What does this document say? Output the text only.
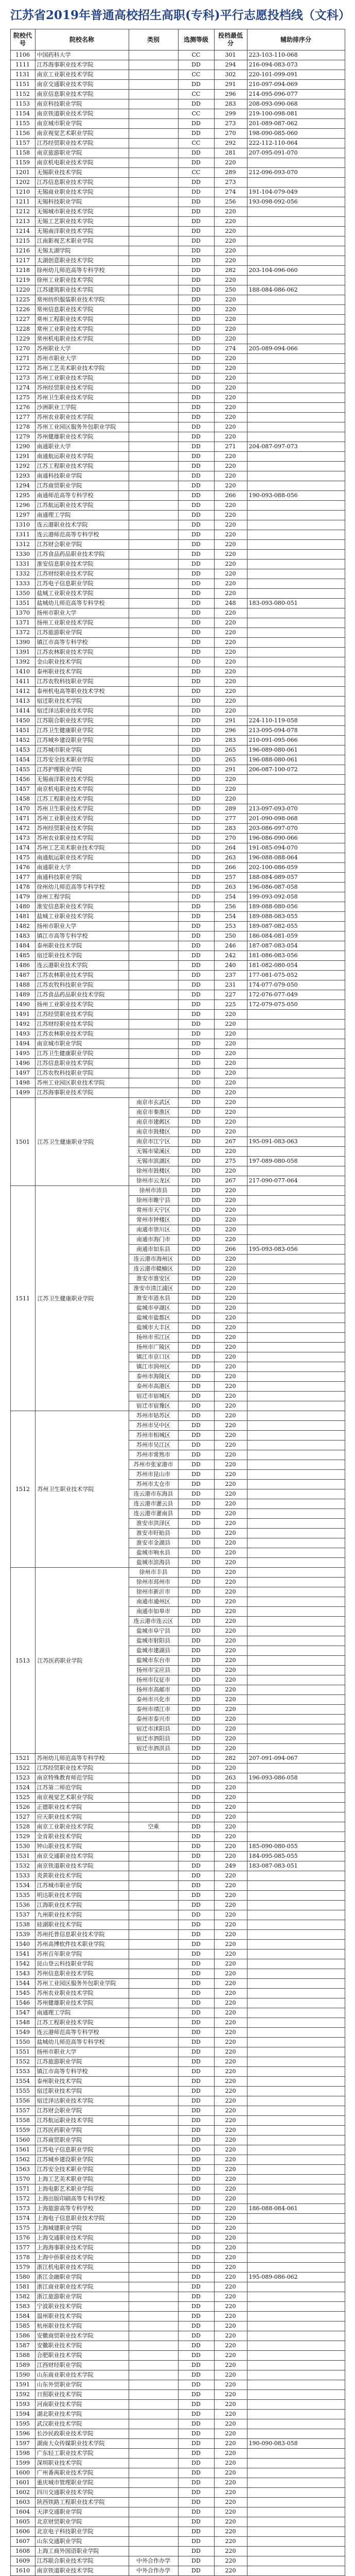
江苏省2019年普通高校招生高职(专科)平行志愿投档线（文科）
院校代号	院校名称	类别	选测等级	投档最低分	辅助排序分
1106	中国药科大学		CC	301	223-103-110-068
1111	江苏海事职业技术学院		DD	294	216-094-083-073
1131	南京工业职业技术学院		CC	302	220-101-099-091
1151	南京交通职业技术学院		DD	291	210-097-094-069
1152	南京信息职业技术学院		CC	296	214-095-096-077
1153	南京科技职业学院		DD	283	208-093-090-068
1154	南京铁道职业技术学院		CC	299	219-100-098-081
1155	南京城市职业学院		DD	273	201-089-087-062
1156	南京视觉艺术职业学院		DD	270	198-090-085-060
1157	江苏经贸职业技术学院		CC	292	222-112-110-064
1158	南京旅游职业学院		DD	281	207-095-091-070
1159	南京机电职业技术学院		DD	220	
1201	无锡职业技术学院		CC	289	212-096-093-070
1202	江苏信息职业技术学院		DD	273	
1210	无锡商业职业技术学院		DD	274	191-104-079-049
1211	无锡科技职业学院		DD	256	193-098-092-056
1212	无锡城市职业技术学院		DD	220	
1213	无锡工艺职业技术学院		DD	220	
1214	无锡南洋职业技术学院		DD	220	
1215	江南影视艺术职业学院		DD	220	
1216	无锡太湖学院		DD	220	
1217	太湖创意职业技术学院		DD	220	
1218	徐州幼儿师范高等专科学校		DD	282	203-104-096-060
1219	徐州工业职业技术学院		DD	220	
1220	江苏建筑职业技术学院		DD	250	188-084-086-062
1225	常州纺织服装职业技术学院		DD	220	
1226	常州信息职业技术学院		DD	220	
1227	常州工程职业技术学院		DD	220	
1228	常州工业职业技术学院		DD	220	
1229	常州机电职业技术学院		DD	220	
1270	苏州职业大学		DD	274	205-089-094-066
1271	苏州市职业大学		DD	220	
1272	苏州工艺美术职业技术学院		DD	220	
1273	苏州工业职业技术学院		DD	220	
1274	苏州经贸职业技术学院		DD	220	
1275	苏州卫生职业技术学院		DD	220	
1276	沙洲职业工学院		DD	220	
1277	苏州农业职业技术学院		DD	220	
1278	苏州工业园区服务外包职业学院		DD	220	
1279	苏州健雄职业技术学院		DD	220	
1290	南通职业大学		DD	271	204-087-097-073
1291	南通航运职业技术学院		DD	220	
1292	江苏工程职业技术学院		DD	220	
1293	南通科技职业学院		DD	220	
1294	江苏商贸职业学院		DD	220	
1295	南通师范高等专科学校		DD	266	190-093-088-056
1296	江苏航运职业技术学院		DD	220	
1297	南通理工学院		DD	220	
1310	连云港职业技术学院		DD	220	
1311	连云港师范高等专科学校		DD	220	
1312	江苏财会职业学院		DD	220	
1330	江苏食品药品职业技术学院		DD	220	
1331	淮安信息职业技术学院		DD	220	
1332	江苏财经职业技术学院		DD	220	
1333	江苏电子信息职业学院		DD	220	
1350	盐城工业职业技术学院		DD	220	
1351	盐城幼儿师范高等专科学校		DD	248	183-093-080-051
1370	扬州市职业大学		DD	220	
1371	扬州工业职业技术学院		DD	220	
1372	江苏旅游职业学院		DD	220	
1390	镇江市高等专科学校		DD	220	
1391	江苏农林职业技术学院		DD	220	
1392	金山职业技术学院		DD	220	
1410	泰州职业技术学院		DD	220	
1411	江苏农牧科技职业学院		DD	220	
1412	泰州机电高等职业技术学校		DD	220	
1413	宿迁职业技术学院		DD	220	
1414	宿迁泽达职业技术学院		DD	220	
1450	江苏联合职业技术学院		DD	291	224-110-119-058
1451	江苏卫生健康职业学院		DD	296	213-095-094-078
1452	江苏城乡建设职业学院		DD	283	210-091-095-066
1453	江苏城市职业学院		DD	265	196-089-080-061
1454	江苏安全技术职业学院		DD	265	196-088-080-061
1455	江苏护理职业学院		DD	291	206-087-100-072
1456	无锡南洋职业技术学院		DD	220	
1457	南京机电职业技术学院		DD	220	
1458	江苏工程职业技术学院		DD	220	
1470	苏州卫生职业技术学院		DD	289	213-097-093-070
1471	苏州工业职业技术学院		DD	277	201-090-098-068
1472	苏州经贸职业技术学院		DD	283	203-086-097-070
1473	苏州农业职业技术学院		DD	270	196-086-090-066
1474	苏州工艺美术职业技术学院		DD	264	191-085-094-070
1475	南通航运职业技术学院		DD	263	196-088-088-064
1476	南通职业大学		DD	266	202-100-086-059
1477	南通科技职业学院		DD	257	188-084-089-057
1478	徐州幼儿师范高等专科学校		DD	263	196-086-087-058
1479	徐州工程学院		DD	254	199-093-092-058
1480	淮安信息职业技术学院		DD	256	189-088-080-056
1481	盐城工业职业技术学院		DD	254	189-088-083-055
1482	扬州市职业大学		DD	253	189-087-082-055
1483	镇江市高等专科学校		DD	250	186-084-081-059
1484	泰州职业技术学院		DD	246	187-087-083-054
1485	宿迁职业技术学院		DD	242	181-086-083-056
1486	连云港职业技术学院		DD	240	181-082-080-054
1487	江苏农林职业技术学院		DD	237	177-081-075-052
1488	江苏农牧科技职业学院		DD	231	174-077-079-050
1489	江苏食品药品职业技术学院		DD	227	172-076-077-049
1490	扬州工业职业技术学院		DD	225	172-079-075-050
1491	江苏经贸职业技术学院		DD	220	
1492	江苏财经职业技术学院		DD	220	
1493	江苏农林职业技术学院		DD	220	
1494	南京城市职业学院		DD	220	
1495	江苏卫生健康职业学院		DD	220	
1496	江苏信息职业技术学院		DD	220	
1497	江苏农牧科技职业学院		DD	220	
1498	苏州工业园区职业技术学院		DD	220	
1499	江苏海事职业技术学院		DD	220	
1501	江苏卫生健康职业学院	南京市玄武区	DD	220	
		南京市秦淮区	DD	220	
		南京市建邺区	DD	220	
		南京市鼓楼区	DD	220	
		南京市江宁区	DD	267	195-091-083-063
		无锡市梁溪区	DD	220	
		无锡市滨湖区	DD	275	197-089-080-058
		徐州市鼓楼区	DD	220	
		徐州市云龙区	DD	267	217-090-077-064
1511	江苏卫生健康职业学院	徐州市沛县	DD	220	
		徐州市睢宁县	DD	220	
		常州市天宁区	DD	220	
		常州市钟楼区	DD	220	
		南通市崇川区	DD	220	
		南通市海门市	DD	220	
		南通市如东县	DD	266	195-093-083-056
		连云港市海州区	DD	220	
		连云港市赣榆区	DD	220	
		淮安市淮安区	DD	220	
		淮安市清江浦区	DD	220	
		淮安市涟水县	DD	220	
		盐城市亭湖区	DD	220	
		盐城市盐都区	DD	220	
		盐城市大丰区	DD	220	
		扬州市邗江区	DD	220	
		扬州市广陵区	DD	220	
		镇江市京口区	DD	220	
		镇江市润州区	DD	220	
		泰州市海陵区	DD	220	
		泰州市高港区	DD	220	
		宿迁市宿城区	DD	220	
		宿迁市宿豫区	DD	220	
1512	苏州卫生职业技术学院	苏州市姑苏区	DD	220	
		苏州市吴中区	DD	220	
		苏州市相城区	DD	220	
		苏州市吴江区	DD	220	
		苏州市常熟市	DD	220	
		苏州市张家港市	DD	220	
		苏州市昆山市	DD	220	
		苏州市太仓市	DD	220	
		连云港市东海县	DD	220	
		连云港市灌云县	DD	220	
		连云港市灌南县	DD	220	
		淮安市洪泽区	DD	220	
		淮安市盱眙县	DD	220	
		淮安市金湖县	DD	220	
		盐城市响水县	DD	220	
		盐城市滨海县	DD	220	
1513	江苏医药职业学院	徐州市丰县	DD	220	
		徐州市邳州市	DD	220	
		徐州市新沂市	DD	220	
		南通市通州区	DD	220	
		南通市如皋市	DD	220	
		连云港市连云区	DD	220	
		盐城市阜宁县	DD	220	
		盐城市射阳县	DD	220	
		盐城市建湖县	DD	220	
		盐城市东台市	DD	220	
		扬州市宝应县	DD	220	
		扬州市仪征市	DD	220	
		扬州市高邮市	DD	220	
		泰州市兴化市	DD	220	
		泰州市靖江市	DD	220	
		泰州市泰兴市	DD	220	
		宿迁市沭阳县	DD	220	
		宿迁市泗阳县	DD	220	
		宿迁市泗洪县	DD	220	
1521	苏州幼儿师范高等专科学校		DD	282	207-091-094-067
1522	江苏经贸职业技术学院		DD	220	
1523	南京特殊教育师范学院		DD	263	196-093-086-058
1524	江苏第二师范学院		DD	220	
1525	南京视觉艺术职业学院		DD	220	
1526	正德职业技术学院		DD	220	
1527	应天职业技术学院		DD	220	
1528	南京工业职业技术学院	空乘	DD	220	
1529	金肯职业技术学院		DD	220	
1530	钟山职业技术学院		DD	220	185-090-080-055
1531	南京交通职业技术学院		DD	220	184-095-085-055
1532	南京铁道职业技术学院		DD	249	183-087-083-051
1533	炎黄职业技术学院		DD	220	
1534	江苏城市职业学院		DD	220	
1535	明达职业技术学院		DD	220	
1536	江海职业技术学院		DD	220	
1537	九州职业技术学院		DD	220	
1538	硅湖职业技术学院		DD	220	
1539	苏州托普信息职业技术学院		DD	220	
1540	苏州高博软件技术职业学院		DD	220	
1541	苏州百年职业学院		DD	220	
1542	昆山登云科技职业学院		DD	220	
1543	苏州信息职业技术学院		DD	220	
1544	苏州工业园区服务外包职业学院		DD	220	
1545	苏州农业职业技术学院		DD	220	
1546	苏州健雄职业技术学院		DD	220	
1547	南通理工学院		DD	220	
1548	江苏工程职业技术学院		DD	220	
1549	连云港师范高等专科学校		DD	220	
1550	盐城幼儿师范高等专科学校		DD	220	
1551	扬州市职业大学		DD	220	
1552	江苏旅游职业学院		DD	220	
1553	镇江市高等专科学校		DD	220	
1554	泰州职业技术学院		DD	220	
1555	宿迁职业技术学院		DD	220	
1556	宿迁泽达职业技术学院		DD	220	
1557	江苏财会职业学院		DD	220	
1558	江苏航运职业技术学院		DD	220	
1559	江苏医药职业学院		DD	220	
1560	江苏商贸职业学院		DD	220	
1561	江苏电子信息职业学院		DD	220	
1562	江苏城乡建设职业学院		DD	220	
1563	江苏安全技术职业学院		DD	220	
1570	上海工艺美术职业学院		DD	220	
1571	上海电影艺术职业学院		DD	220	
1572	上海出版印刷高等专科学校		DD	220	
1573	上海旅游高等专科学校		DD	220	186-088-084-061
1574	上海电子信息职业技术学院		DD	220	
1575	上海城建职业学院		DD	220	
1576	上海交通职业技术学院		DD	220	
1577	上海海事职业技术学院		DD	220	
1578	上海中侨职业技术学院		DD	220	
1579	浙江机电职业技术学院		DD	220	
1580	浙江金融职业学院		DD	220	195-089-086-062
1581	浙江商业职业技术学院		DD	220	
1582	浙江旅游职业学院		DD	220	
1583	宁波职业技术学院		DD	220	
1584	温州职业技术学院		DD	220	
1585	杭州职业技术学院		DD	220	
1586	安徽商贸职业技术学院		DD	220	
1587	安徽职业技术学院		DD	220	
1588	合肥职业技术学院		DD	220	
1589	江西财经职业学院		DD	220	
1590	山东商业职业技术学院		DD	220	
1591	山东外贸职业学院		DD	220	
1592	日照职业技术学院		DD	220	
1593	河南职业技术学院		DD	220	
1594	湖北职业技术学院		DD	220	
1595	武汉职业技术学院		DD	220	
1596	长沙民政职业技术学院		DD	220	
1597	湖南大众传媒职业技术学院		DD	220	190-090-083-058
1598	广东轻工职业技术学院		DD	220	
1599	深圳职业技术学院		DD	220	
1600	广州番禺职业技术学院		DD	220	
1601	重庆城市管理职业学院		DD	220	
1602	四川交通职业技术学院		DD	220	
1603	陕西铁路工程职业技术学院		DD	220	
1604	天津交通职业学院		DD	220	
1605	北京财贸职业学院		DD	220	
1606	北京电子科技职业学院		DD	220	
1607	山东交通职业学院		DD	220	
1608	上海工商外国语职业学院		DD	220	
1609	江苏联合职业技术学院	中外合作办学	DD	220	
1610	南京铁道职业技术学院	中外合作办学	DD	220	
